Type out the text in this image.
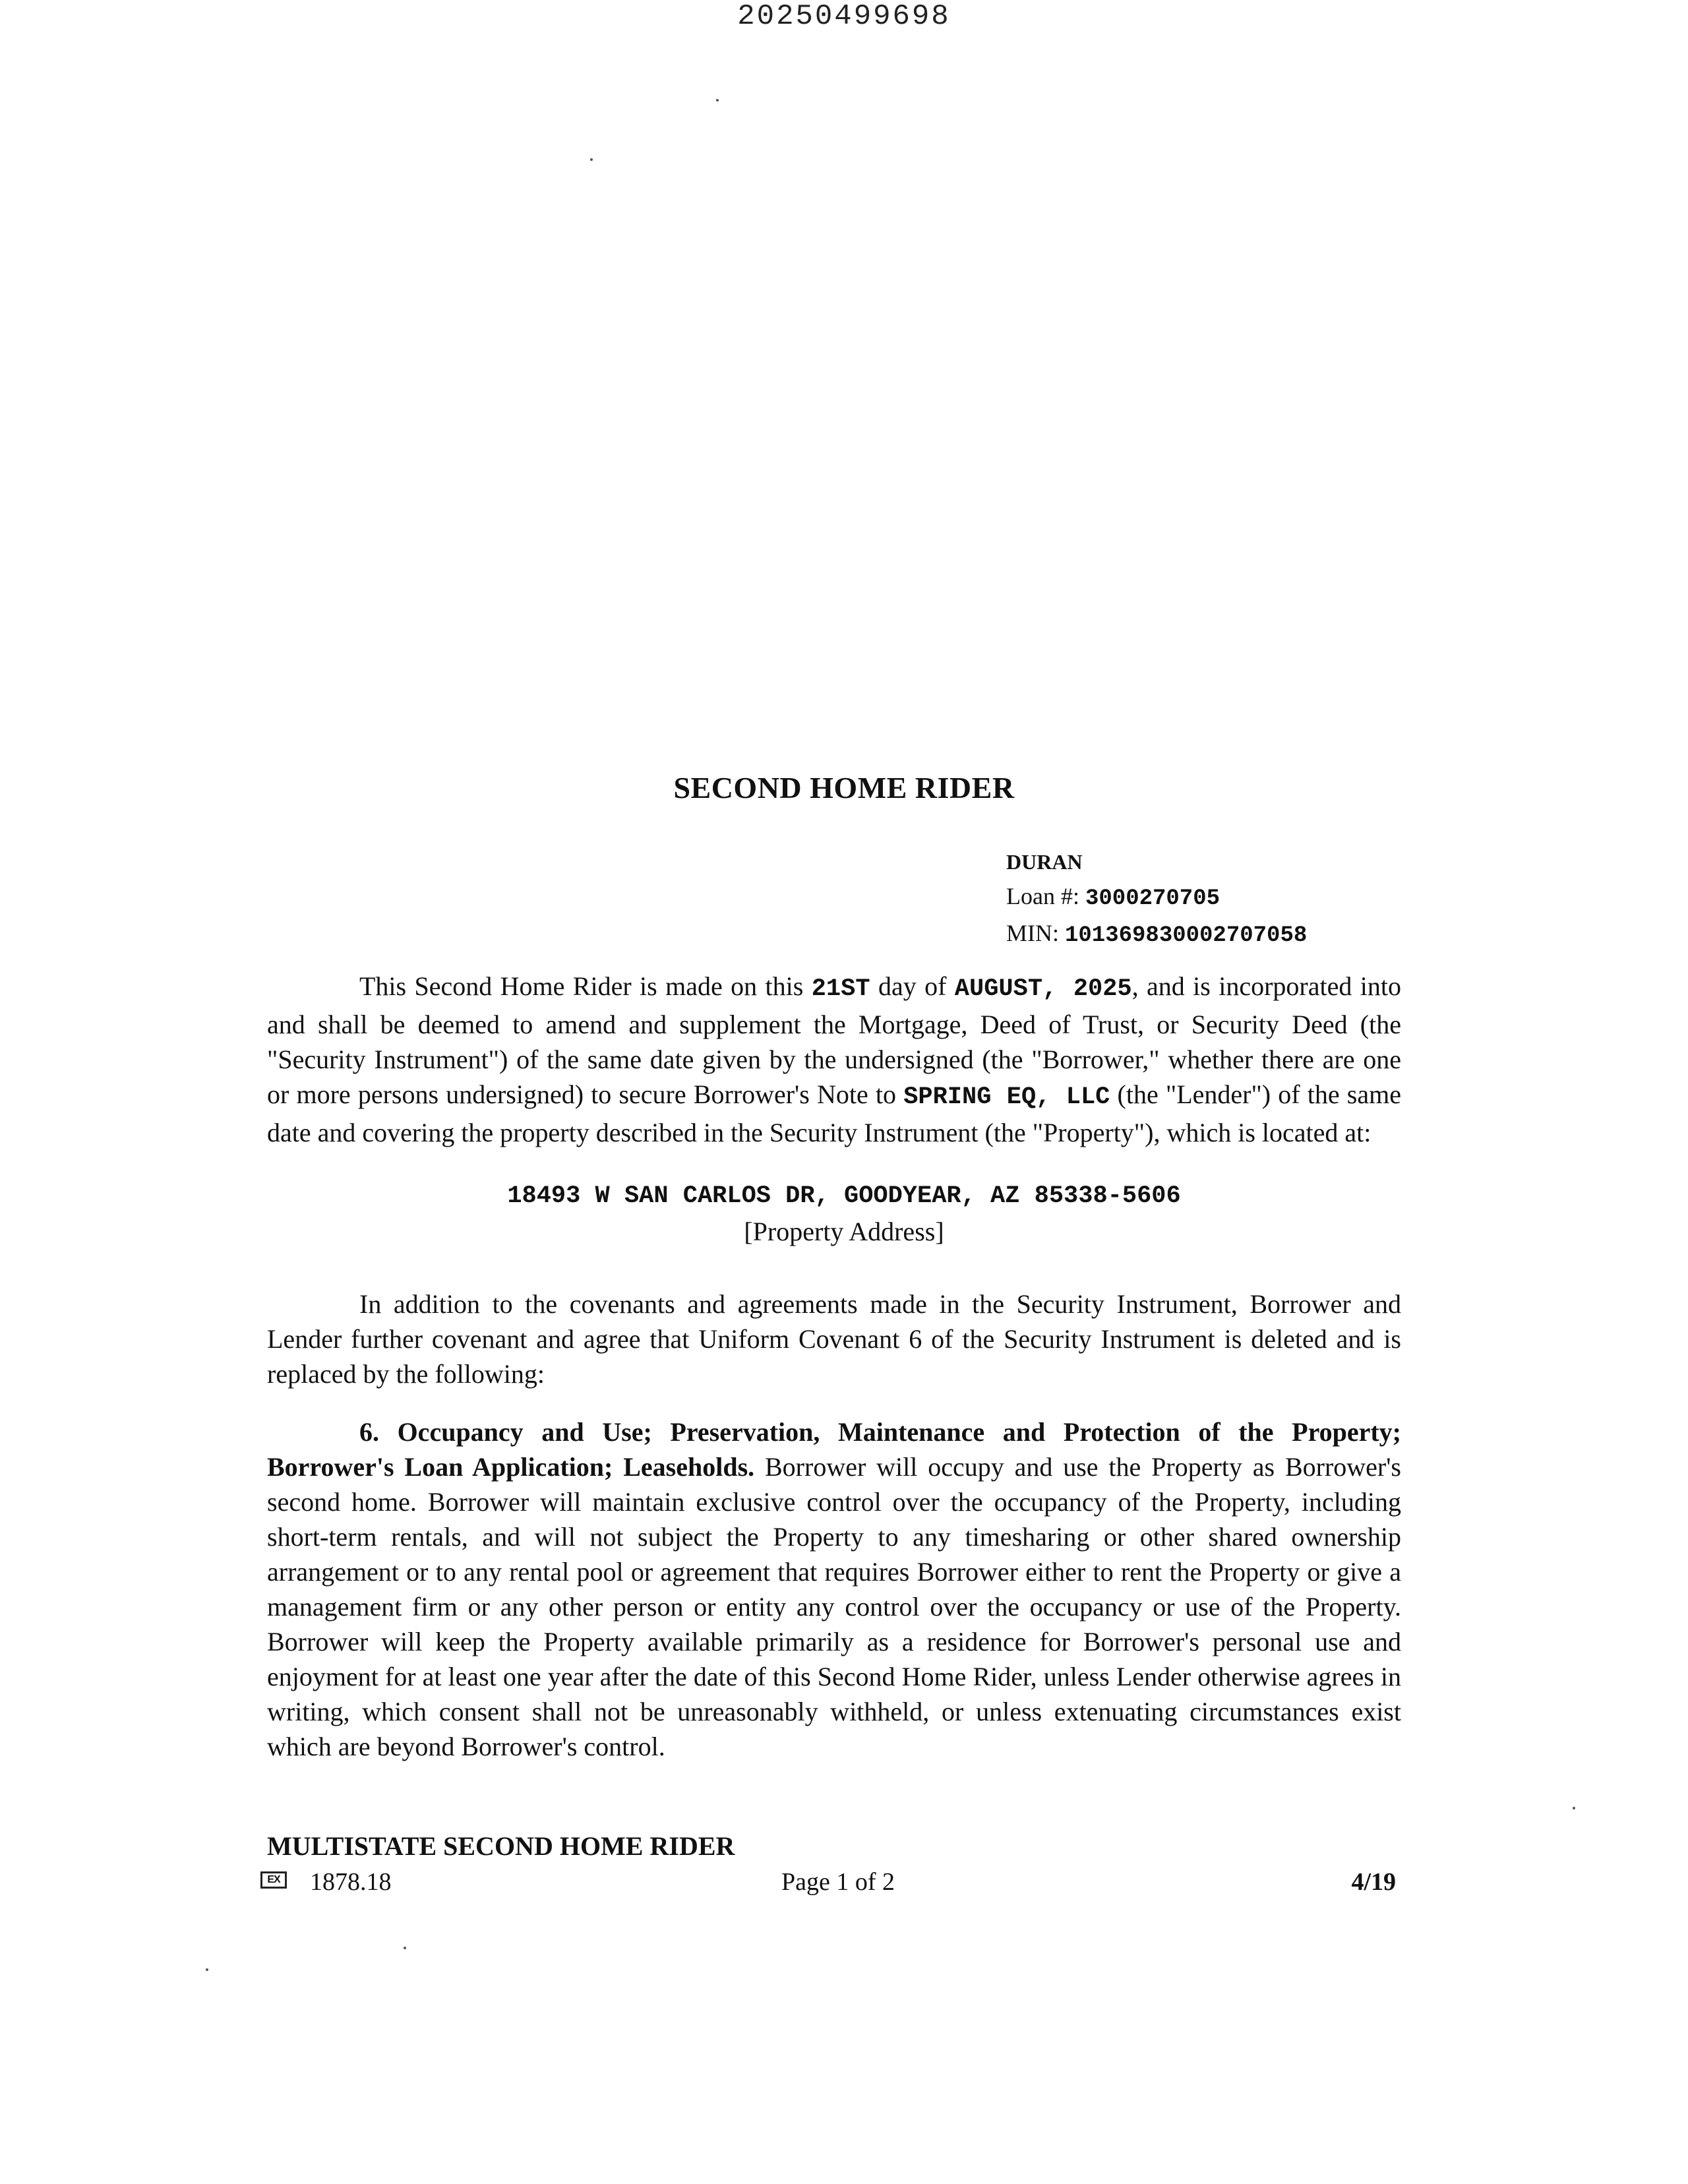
20250499698
SECOND HOME RIDER
DURAN
Loan #: 3000270705
MIN: 101369830002707058
This Second Home Rider is made on this 21ST day of AUGUST, 2025, and is incorporated into and shall be deemed to amend and supplement the Mortgage, Deed of Trust, or Security Deed (the "Security Instrument") of the same date given by the undersigned (the "Borrower," whether there are one or more persons undersigned) to secure Borrower's Note to SPRING EQ, LLC (the "Lender") of the same date and covering the property described in the Security Instrument (the "Property"), which is located at:
18493 W SAN CARLOS DR, GOODYEAR, AZ 85338-5606
[Property Address]
In addition to the covenants and agreements made in the Security Instrument, Borrower and Lender further covenant and agree that Uniform Covenant 6 of the Security Instrument is deleted and is replaced by the following:
6. Occupancy and Use; Preservation, Maintenance and Protection of the Property; Borrower's Loan Application; Leaseholds. Borrower will occupy and use the Property as Borrower's second home. Borrower will maintain exclusive control over the occupancy of the Property, including short-term rentals, and will not subject the Property to any timesharing or other shared ownership arrangement or to any rental pool or agreement that requires Borrower either to rent the Property or give a management firm or any other person or entity any control over the occupancy or use of the Property. Borrower will keep the Property available primarily as a residence for Borrower's personal use and enjoyment for at least one year after the date of this Second Home Rider, unless Lender otherwise agrees in writing, which consent shall not be unreasonably withheld, or unless extenuating circumstances exist which are beyond Borrower's control.
MULTISTATE SECOND HOME RIDER
EX 1878.18	Page 1 of 2	4/19
